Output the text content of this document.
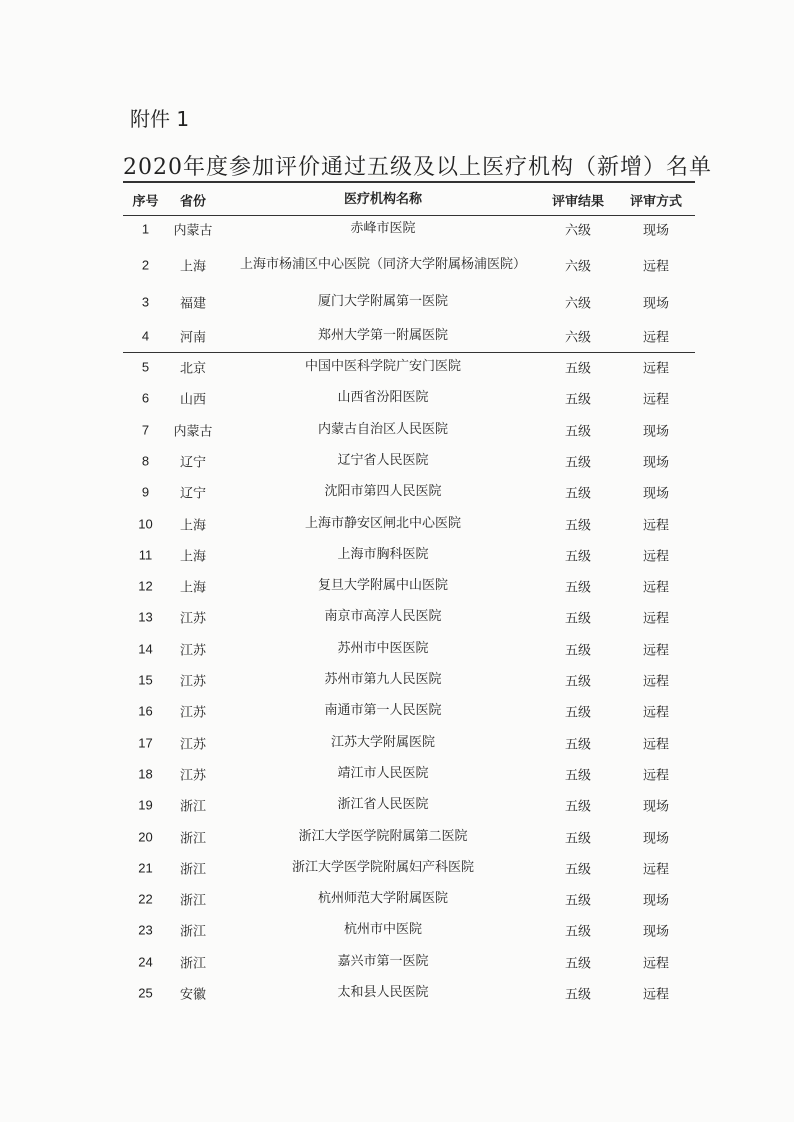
附件 1
2020年度参加评价通过五级及以上医疗机构（新增）名单
序号	省份	医疗机构名称	评审结果	评审方式
1	内蒙古	赤峰市医院	六级	现场
2	上海	上海市杨浦区中心医院（同济大学附属杨浦医院）	六级	远程
3	福建	厦门大学附属第一医院	六级	现场
4	河南	郑州大学第一附属医院	六级	远程
5	北京	中国中医科学院广安门医院	五级	远程
6	山西	山西省汾阳医院	五级	远程
7	内蒙古	内蒙古自治区人民医院	五级	现场
8	辽宁	辽宁省人民医院	五级	现场
9	辽宁	沈阳市第四人民医院	五级	现场
10	上海	上海市静安区闸北中心医院	五级	远程
11	上海	上海市胸科医院	五级	远程
12	上海	复旦大学附属中山医院	五级	远程
13	江苏	南京市高淳人民医院	五级	远程
14	江苏	苏州市中医医院	五级	远程
15	江苏	苏州市第九人民医院	五级	远程
16	江苏	南通市第一人民医院	五级	远程
17	江苏	江苏大学附属医院	五级	远程
18	江苏	靖江市人民医院	五级	远程
19	浙江	浙江省人民医院	五级	现场
20	浙江	浙江大学医学院附属第二医院	五级	现场
21	浙江	浙江大学医学院附属妇产科医院	五级	远程
22	浙江	杭州师范大学附属医院	五级	现场
23	浙江	杭州市中医院	五级	现场
24	浙江	嘉兴市第一医院	五级	远程
25	安徽	太和县人民医院	五级	远程
